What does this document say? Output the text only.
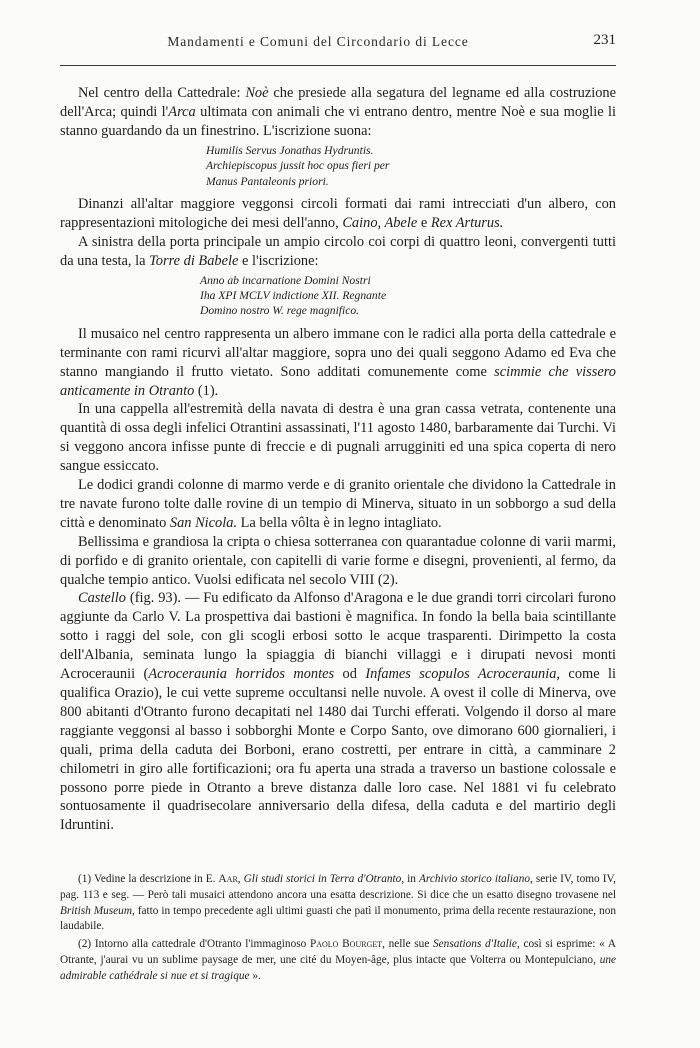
Mandamenti e Comuni del Circondario di Lecce	231

Nel centro della Cattedrale: Noè che presiede alla segatura del legname ed alla costruzione dell'Arca; quindi l'Arca ultimata con animali che vi entrano dentro, mentre Noè e sua moglie li stanno guardando da un finestrino. L'iscrizione suona:

Humilis Servus Jonathas Hydruntis.
Archiepiscopus jussit hoc opus fieri per
Manus Pantaleonis priori.

Dinanzi all'altar maggiore veggonsi circoli formati dai rami intrecciati d'un albero, con rappresentazioni mitologiche dei mesi dell'anno, Caino, Abele e Rex Arturus.

A sinistra della porta principale un ampio circolo coi corpi di quattro leoni, convergenti tutti da una testa, la Torre di Babele e l'iscrizione:

Anno ab incarnatione Domini Nostri
Iha XPI MCLV indictione XII. Regnante
Domino nostro W. rege magnifico.

Il musaico nel centro rappresenta un albero immane con le radici alla porta della cattedrale e terminante con rami ricurvi all'altar maggiore, sopra uno dei quali seggono Adamo ed Eva che stanno mangiando il frutto vietato. Sono additati comunemente come scimmie che vissero anticamente in Otranto (1).

In una cappella all'estremità della navata di destra è una gran cassa vetrata, contenente una quantità di ossa degli infelici Otrantini assassinati, l'11 agosto 1480, barbaramente dai Turchi. Vi si veggono ancora infisse punte di freccie e di pugnali arrugginiti ed una spica coperta di nero sangue essiccato.

Le dodici grandi colonne di marmo verde e di granito orientale che dividono la Cattedrale in tre navate furono tolte dalle rovine di un tempio di Minerva, situato in un sobborgo a sud della città e denominato San Nicola. La bella vôlta è in legno intagliato.

Bellissima e grandiosa la cripta o chiesa sotterranea con quarantadue colonne di varii marmi, di porfido e di granito orientale, con capitelli di varie forme e disegni, provenienti, al fermo, da qualche tempio antico. Vuolsi edificata nel secolo VIII (2).

Castello (fig. 93). — Fu edificato da Alfonso d'Aragona e le due grandi torri circolari furono aggiunte da Carlo V. La prospettiva dai bastioni è magnifica. In fondo la bella baia scintillante sotto i raggi del sole, con gli scogli erbosi sotto le acque trasparenti. Dirimpetto la costa dell'Albania, seminata lungo la spiaggia di bianchi villaggi e i dirupati nevosi monti Acroceraunii (Acroceraunia horridos montes od Infames scopulos Acroceraunia, come li qualifica Orazio), le cui vette supreme occultansi nelle nuvole. A ovest il colle di Minerva, ove 800 abitanti d'Otranto furono decapitati nel 1480 dai Turchi efferati. Volgendo il dorso al mare raggiante veggonsi al basso i sobborghi Monte e Corpo Santo, ove dimorano 600 giornalieri, i quali, prima della caduta dei Borboni, erano costretti, per entrare in città, a camminare 2 chilometri in giro alle fortificazioni; ora fu aperta una strada a traverso un bastione colossale e possono porre piede in Otranto a breve distanza dalle loro case. Nel 1881 vi fu celebrato sontuosamente il quadrisecolare anniversario della difesa, della caduta e del martirio degli Idruntini.

(1) Vedine la descrizione in E. Aar, Gli studi storici in Terra d'Otranto, in Archivio storico italiano, serie IV, tomo IV, pag. 113 e seg. — Però tali musaici attendono ancora una esatta descrizione. Si dice che un esatto disegno trovasene nel British Museum, fatto in tempo precedente agli ultimi guasti che patì il monumento, prima della recente restaurazione, non laudabile.

(2) Intorno alla cattedrale d'Otranto l'immaginoso Paolo Bourget, nelle sue Sensations d'Italie, così si esprime: « A Otrante, j'aurai vu un sublime paysage de mer, une cité du Moyen-âge, plus intacte que Volterra ou Montepulciano, une admirable cathédrale si nue et si tragique ».
